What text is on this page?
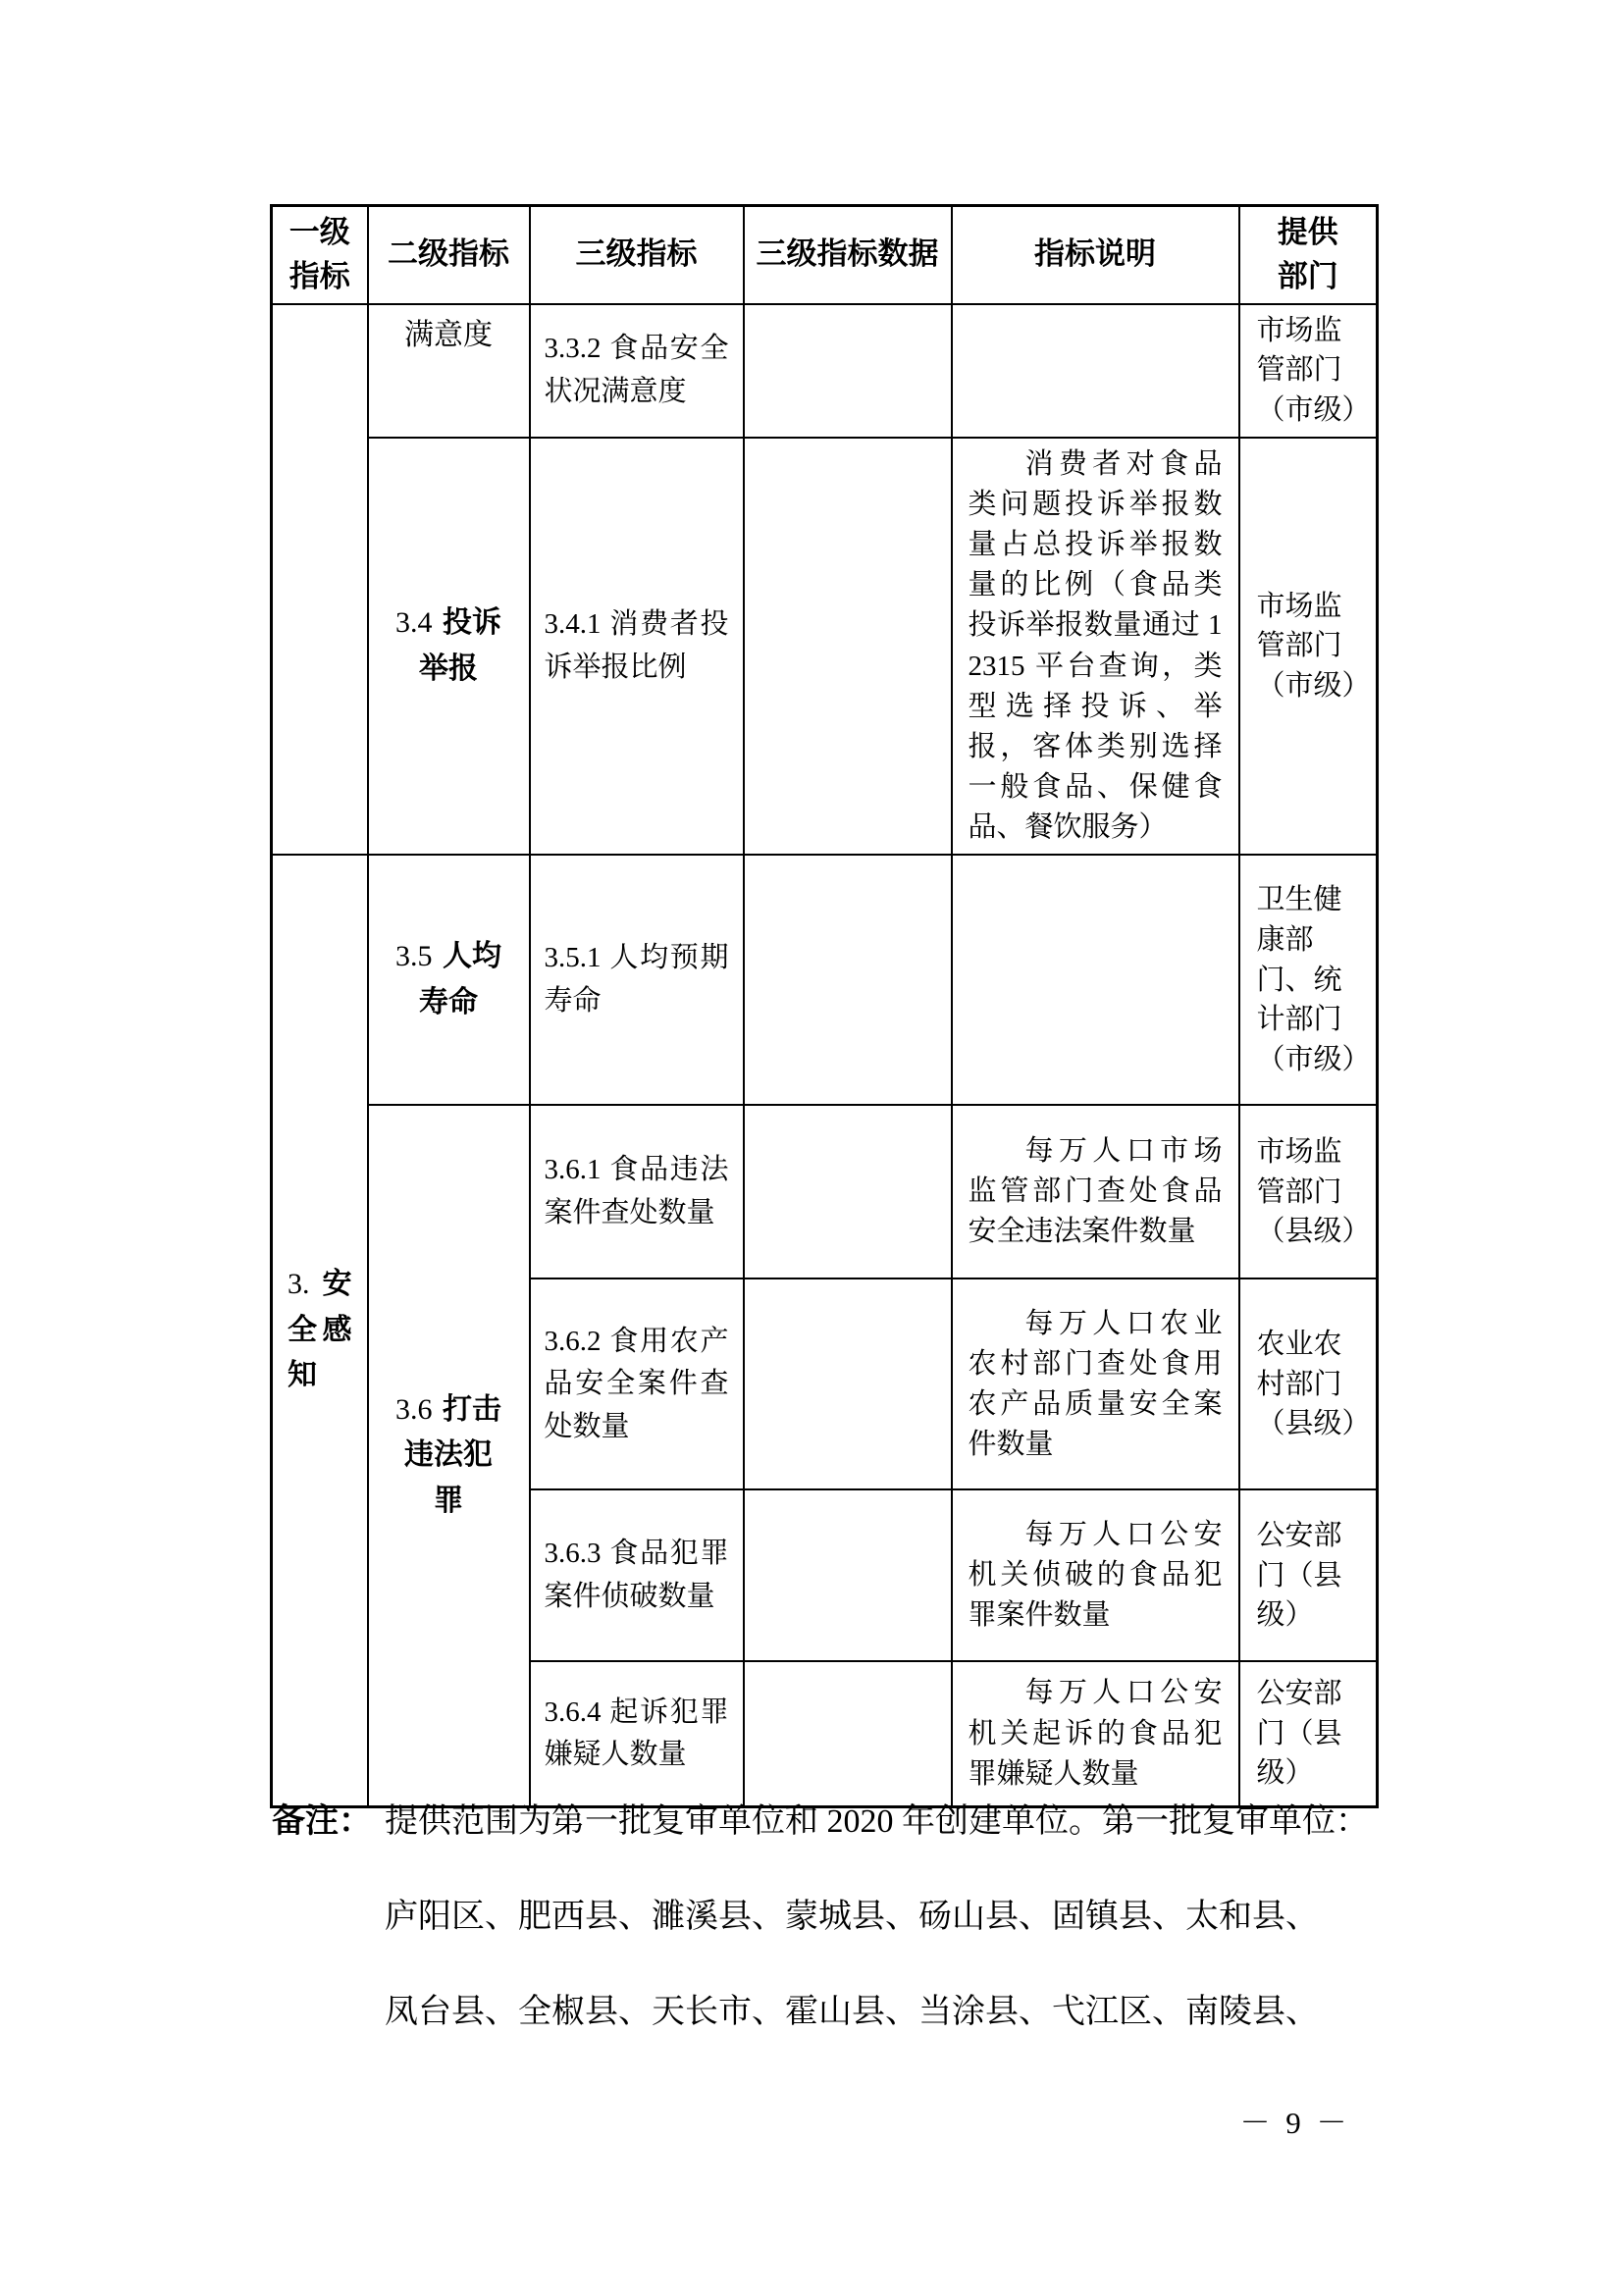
一级指标	二级指标	三级指标	三级指标数据	指标说明	提供部门
	满意度	3.3.2 食品安全状况满意度			市场监管部门（市级）
	3.4 投诉举报	3.4.1 消费者投诉举报比例		消费者对食品类问题投诉举报数量占总投诉举报数量的比例（食品类投诉举报数量通过 12315 平台查询，类型选择投诉、举报，客体类别选择一般食品、保健食品、餐饮服务）	市场监管部门（市级）
3. 安全感知	3.5 人均寿命	3.5.1 人均预期寿命			卫生健康部门、统计部门（市级）
	3.6 打击违法犯罪	3.6.1 食品违法案件查处数量		每万人口市场监管部门查处食品安全违法案件数量	市场监管部门（县级）
		3.6.2 食用农产品安全案件查处数量		每万人口农业农村部门查处食用农产品质量安全案件数量	农业农村部门（县级）
		3.6.3 食品犯罪案件侦破数量		每万人口公安机关侦破的食品犯罪案件数量	公安部门（县级）
		3.6.4 起诉犯罪嫌疑人数量		每万人口公安机关起诉的食品犯罪嫌疑人数量	公安部门（县级）
备注： 提供范围为第一批复审单位和 2020 年创建单位。第一批复审单位：
庐阳区、肥西县、濉溪县、蒙城县、砀山县、固镇县、太和县、
凤台县、全椒县、天长市、霍山县、当涂县、弋江区、南陵县、
－ 9 －
